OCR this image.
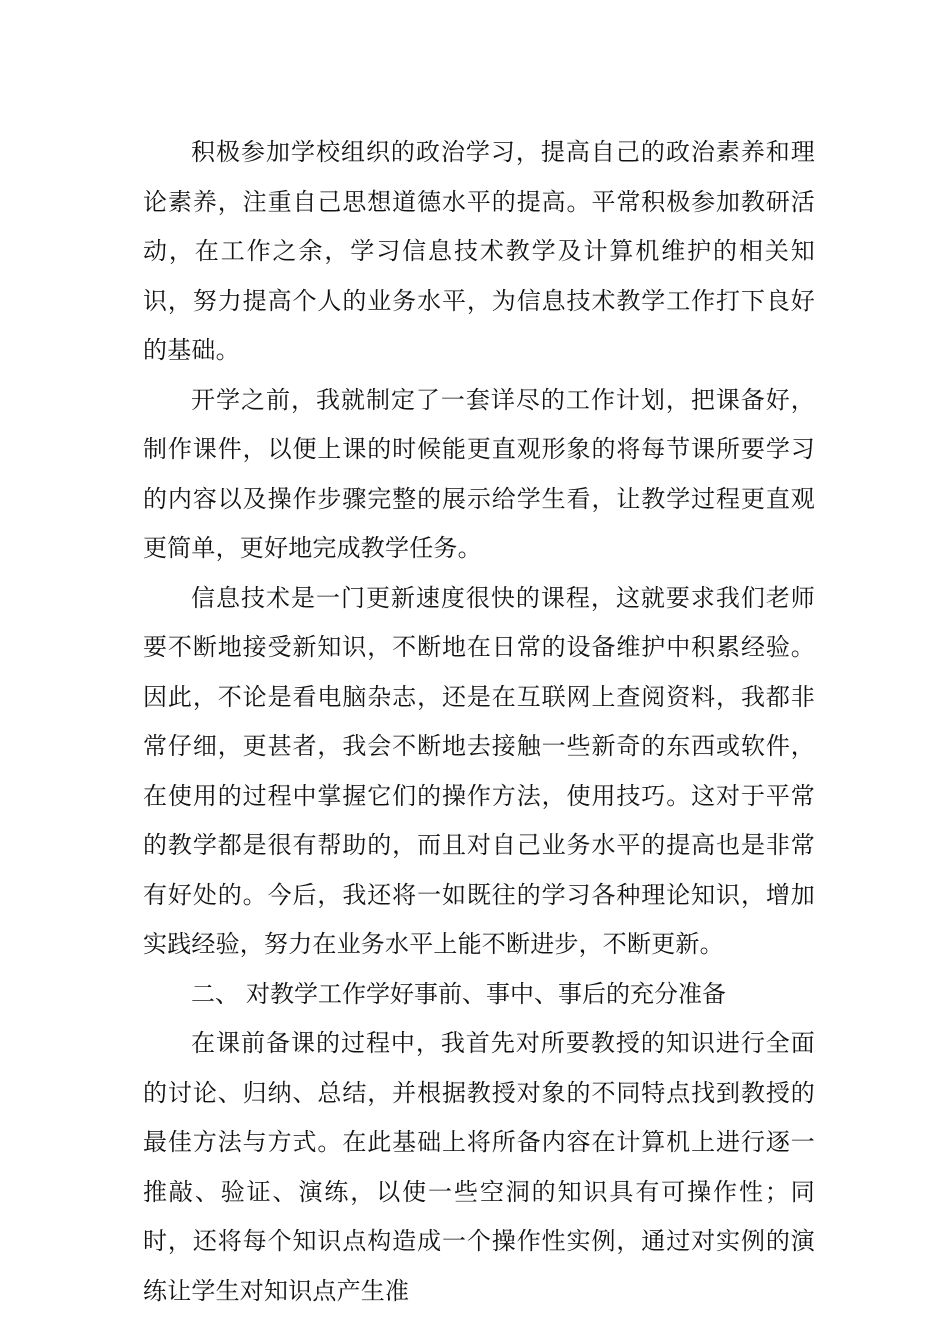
积极参加学校组织的政治学习，提高自己的政治素养和理论素养，注重自己思想道德水平的提高。平常积极参加教研活动，在工作之余，学习信息技术教学及计算机维护的相关知识，努力提高个人的业务水平，为信息技术教学工作打下良好的基础。

开学之前，我就制定了一套详尽的工作计划，把课备好，制作课件，以便上课的时候能更直观形象的将每节课所要学习的内容以及操作步骤完整的展示给学生看，让教学过程更直观更简单，更好地完成教学任务。

信息技术是一门更新速度很快的课程，这就要求我们老师要不断地接受新知识，不断地在日常的设备维护中积累经验。因此，不论是看电脑杂志，还是在互联网上查阅资料，我都非常仔细，更甚者，我会不断地去接触一些新奇的东西或软件，在使用的过程中掌握它们的操作方法，使用技巧。这对于平常的教学都是很有帮助的，而且对自己业务水平的提高也是非常有好处的。今后，我还将一如既往的学习各种理论知识，增加实践经验，努力在业务水平上能不断进步，不断更新。

二、 对教学工作学好事前、事中、事后的充分准备

在课前备课的过程中，我首先对所要教授的知识进行全面的讨论、归纳、总结，并根据教授对象的不同特点找到教授的最佳方法与方式。在此基础上将所备内容在计算机上进行逐一推敲、验证、演练，以使一些空洞的知识具有可操作性；同时，还将每个知识点构造成一个操作性实例，通过对实例的演练让学生对知识点产生准
